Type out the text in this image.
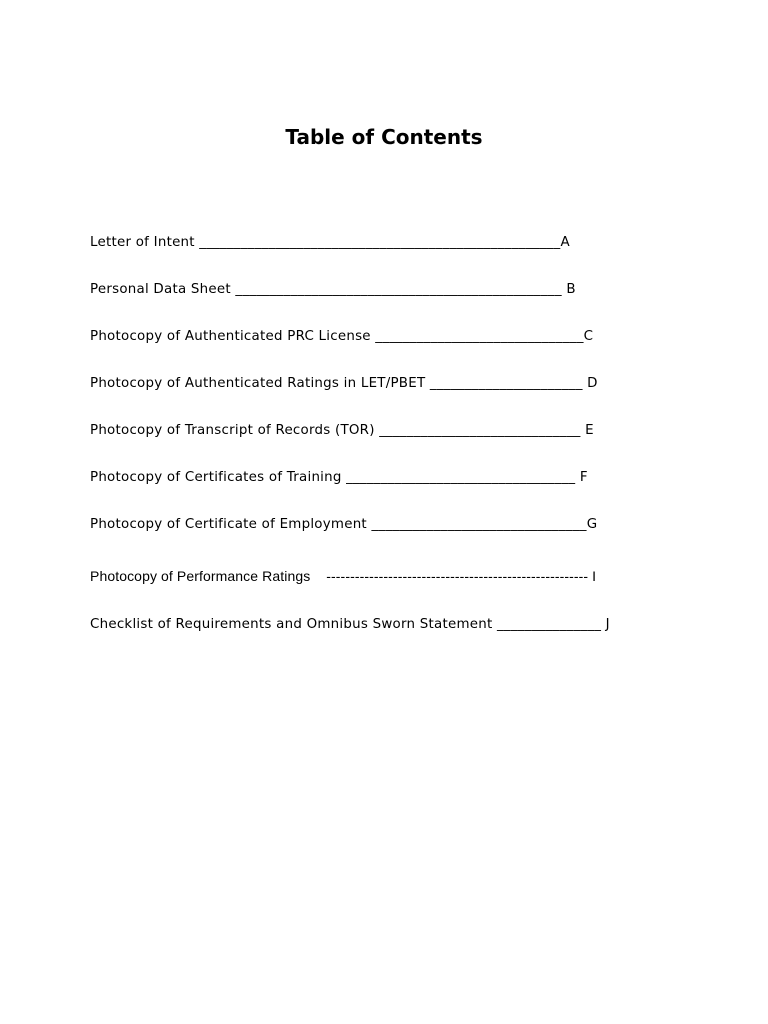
Table of Contents
Letter of Intent ____________________________________________________A
Personal Data Sheet _______________________________________________ B
Photocopy of Authenticated PRC License ______________________________C
Photocopy of Authenticated Ratings in LET/PBET ______________________ D
Photocopy of Transcript of Records (TOR) _____________________________ E
Photocopy of Certificates of Training _________________________________ F
Photocopy of Certificate of Employment _______________________________G
Photocopy of Performance Ratings    ------------------------------------------------------- I
Checklist of Requirements and Omnibus Sworn Statement _______________ J
